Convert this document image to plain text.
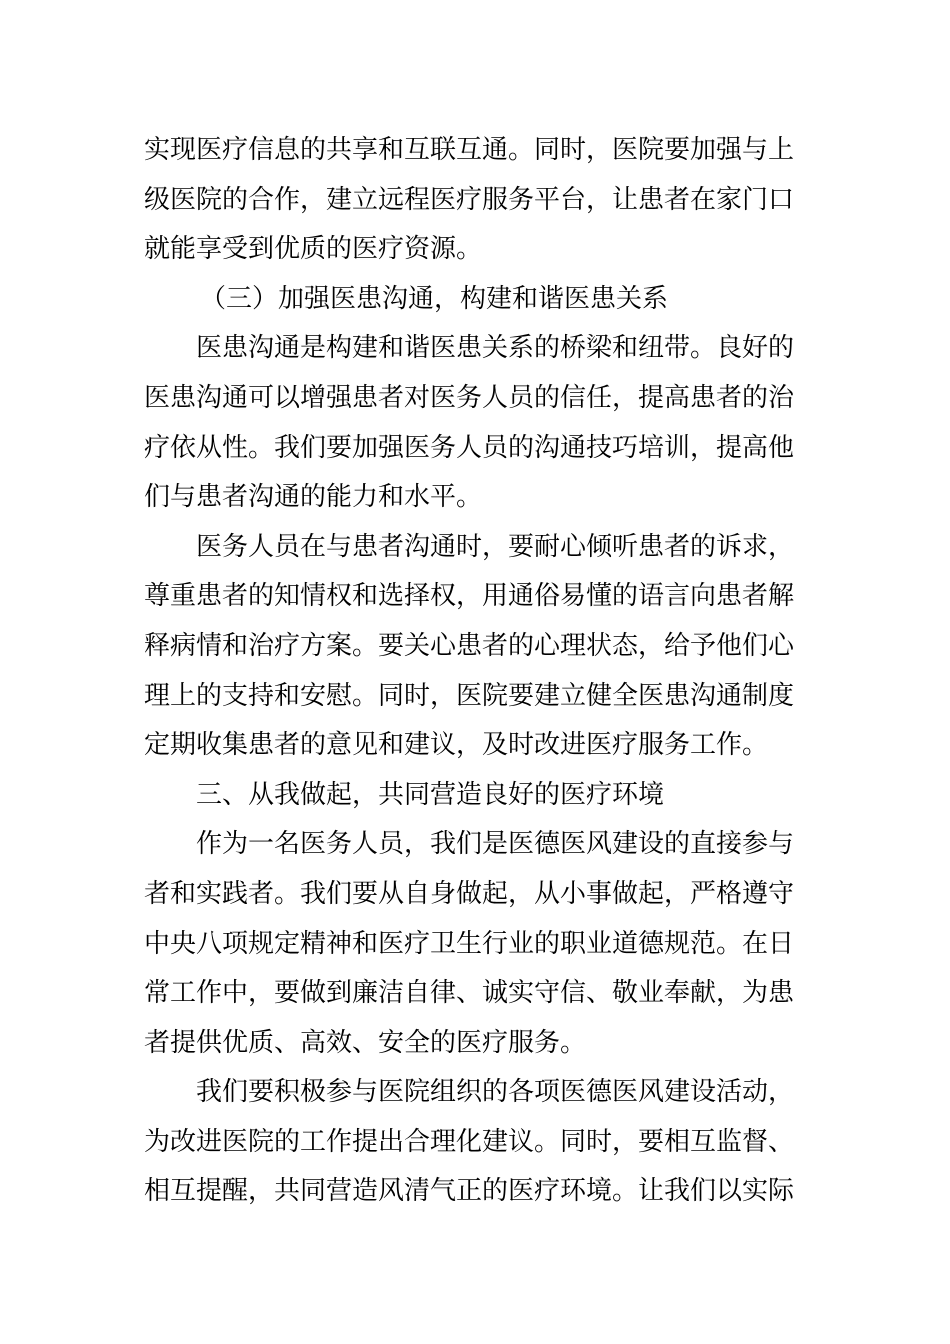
实现医疗信息的共享和互联互通。同时，医院要加强与上
级医院的合作，建立远程医疗服务平台，让患者在家门口
就能享受到优质的医疗资源。
（三）加强医患沟通，构建和谐医患关系
医患沟通是构建和谐医患关系的桥梁和纽带。良好的
医患沟通可以增强患者对医务人员的信任，提高患者的治
疗依从性。我们要加强医务人员的沟通技巧培训，提高他
们与患者沟通的能力和水平。
医务人员在与患者沟通时，要耐心倾听患者的诉求，
尊重患者的知情权和选择权，用通俗易懂的语言向患者解
释病情和治疗方案。要关心患者的心理状态，给予他们心
理上的支持和安慰。同时，医院要建立健全医患沟通制度
定期收集患者的意见和建议，及时改进医疗服务工作。
三、从我做起，共同营造良好的医疗环境
作为一名医务人员，我们是医德医风建设的直接参与
者和实践者。我们要从自身做起，从小事做起，严格遵守
中央八项规定精神和医疗卫生行业的职业道德规范。在日
常工作中，要做到廉洁自律、诚实守信、敬业奉献，为患
者提供优质、高效、安全的医疗服务。
我们要积极参与医院组织的各项医德医风建设活动，
为改进医院的工作提出合理化建议。同时，要相互监督、
相互提醒，共同营造风清气正的医疗环境。让我们以实际
